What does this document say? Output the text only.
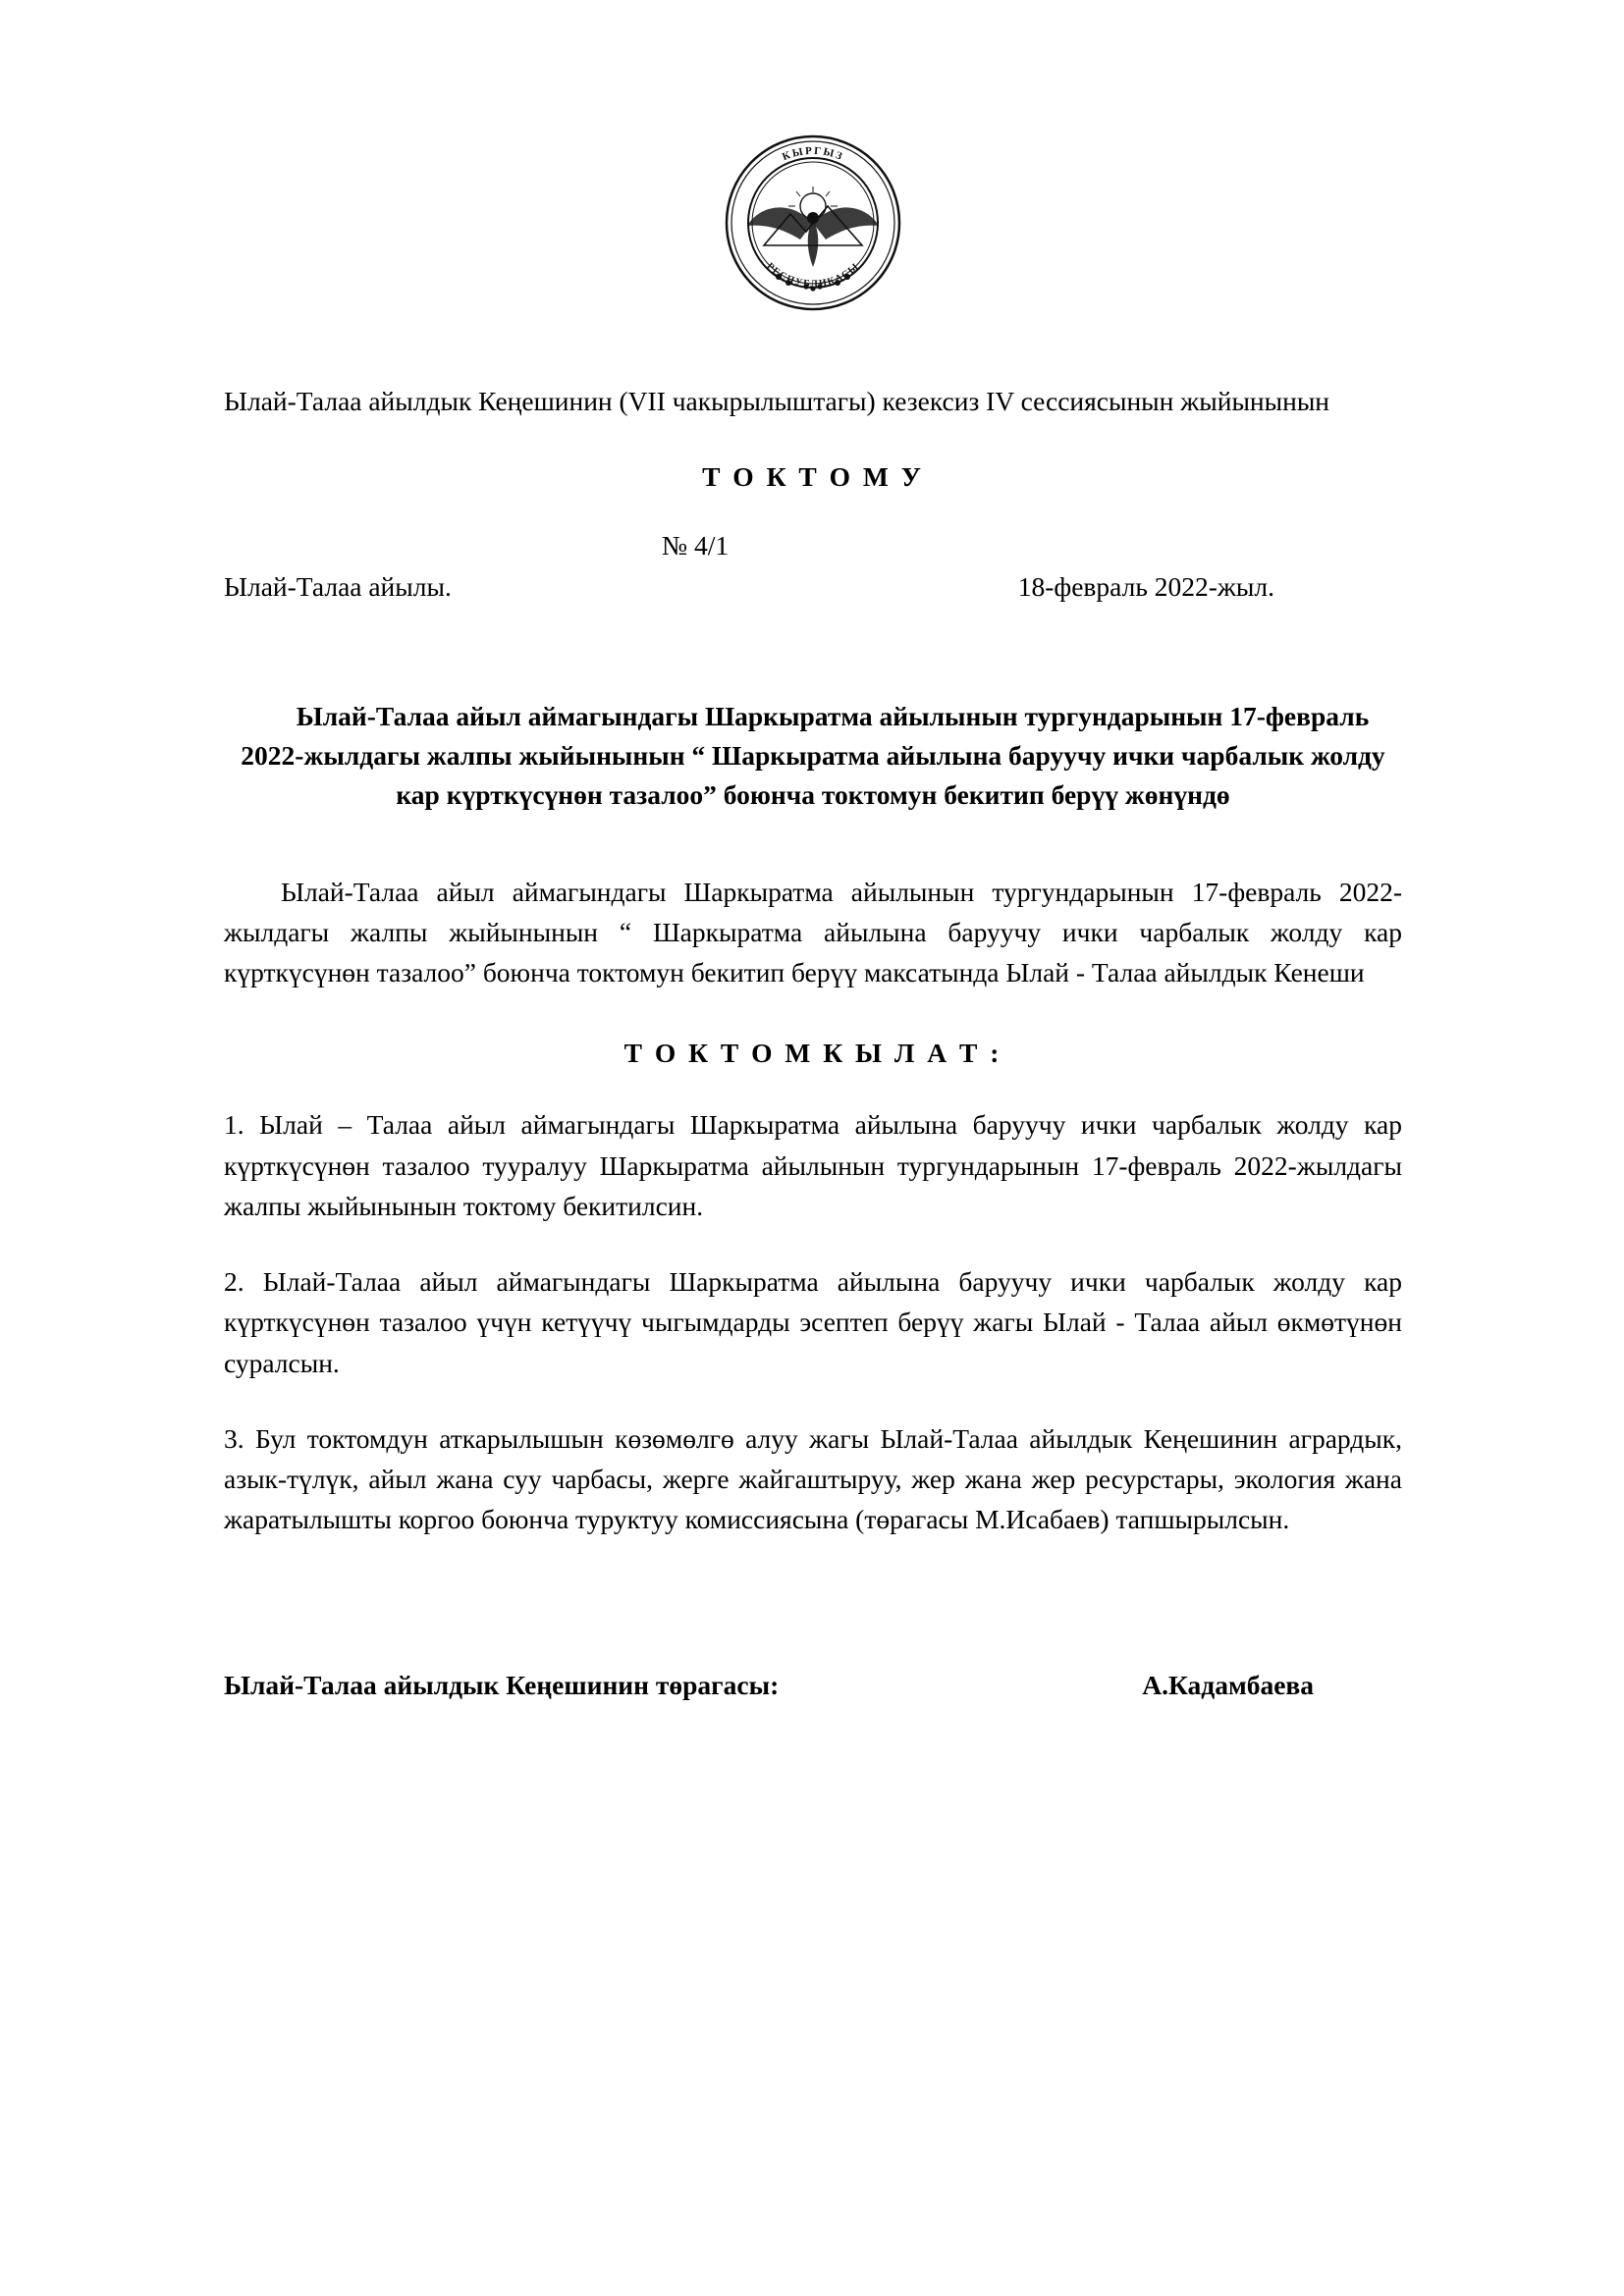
КЫРГЫЗ
РЕСПУБЛИКАСЫ
Ылай-Талаа айылдык Кеңешинин (VII чакырылыштагы) кезексиз IV сессиясынын жыйынынын
Т О К Т О М У
№ 4/1
Ылай-Талаа айылы.	18-февраль 2022-жыл.
Ылай-Талаа айыл аймагындагы Шаркыратма айылынын тургундарынын 17-февраль 2022-жылдагы жалпы жыйынынын “ Шаркыратма айылына баруучу ички чарбалык жолду кар күрткүсүнөн тазалоо” боюнча токтомун бекитип берүү жөнүндө
Ылай-Талаа айыл аймагындагы Шаркыратма айылынын тургундарынын 17-февраль 2022-жылдагы жалпы жыйынынын “ Шаркыратма айылына баруучу ички чарбалык жолду кар күрткүсүнөн тазалоо” боюнча токтомун бекитип берүү максатында Ылай - Талаа айылдык Кенеши
Т О К Т О М К Ы Л А Т :
1. Ылай – Талаа айыл аймагындагы Шаркыратма айылына баруучу ички чарбалык жолду кар күрткүсүнөн тазалоо тууралуу Шаркыратма айылынын тургундарынын 17-февраль 2022-жылдагы жалпы жыйынынын токтому бекитилсин.
2. Ылай-Талаа айыл аймагындагы Шаркыратма айылына баруучу ички чарбалык жолду кар күрткүсүнөн тазалоо үчүн кетүүчү чыгымдарды эсептеп берүү жагы Ылай - Талаа айыл өкмөтүнөн суралсын.
3. Бул токтомдун аткарылышын көзөмөлгө алуу жагы Ылай-Талаа айылдык Кеңешинин агрардык, азык-түлүк, айыл жана суу чарбасы, жерге жайгаштыруу, жер жана жер ресурстары, экология жана жаратылышты коргоо боюнча туруктуу комиссиясына (төрагасы М.Исабаев) тапшырылсын.
Ылай-Талаа айылдык Кеңешинин төрагасы:	А.Кадамбаева
